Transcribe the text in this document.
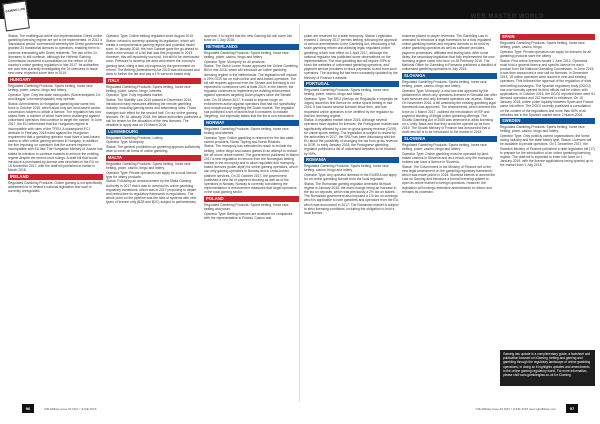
GAMING LAW
WEB MASTER WORLD

Status: The multilingual online slot implementation Greek online gambling licensing regime are yet to be implemented. In 2012 a 'transitional period' commenced whereby the Greek government granted 24 transitional licences to operators, enabling them to continue transacting with Greek residents. The law of the 24 licensees to still continue, although the Hellenic Gaming Commission launched a consultation on the reform of the country's online gaming regulation in late 2017. Its authorities are now now currently investigating the 24 licensees to issue new ones; expected some time in 2019.

HUNGARY

Regulated Gambling Products: Sports betting, horse race betting, poker, casino, bingo and lottery.

Operator Type: Only the state monopolies (Szerencsejáték Zrt. and Magyar Lóversenyfogadás) may operate.

Status: Amendments to Hungarian gambling law came into force in October 2015, which allow only two land-based casino concession holders to obtain a licence. The regulation has now raised fines, a number of which have been challenged against unlicensed operators that continue to target the market. In June 2017, the EU determined that the Hungarian regime is incompatible with rules of the TFEU. A subsequent ECJ decision in February 2018 ruled against the Hungarian requirement that a gambling operator must have a land-based casino to offer online gaming services in Hungary. In addition, the fine imposing on operators that the current regime is incompatible with EU law. The Hungarian Ministry of Justice has stated its intention to continue towards to enforce the existing regime despite the recent court rulings. A draft bill that would introduce a purchased-by-licence was circulated in the EU on 18 November 2017, with the draft bill published in earlier in March 2018.

IRELAND

Regulated Gambling Products: Online gaming is not specifically addressed for in Ireland's national legislation and such is currently unregulated.

Operator Type: Online betting regulated since August 2015.

Status: Ireland is currently updating its legislation, which will create a comprehensive gaming regime and potential model soon. In January 2016, the Irish Cabinet gave the go-ahead to draft a new version of a bill that was first proposed in 2013. However, this will reportedly soon put, but still to be overhauled soon. Pressure to develop the area and reform the country's gaming laws, citing a lack of progress by the government on reform. The Betting (Amendment) Act 2015 was introduced and aims to further the tax and pay a 1% turnover-based duty.

ITALY

Regulated Gambling Products: Sports betting, horse race betting, poker, casino, bingo, lotteries.

Operator Type: Fully regulated market.

Status: The Stability Law 2016 passed in December 2015, introduced many measures affecting the remote gambling industry, including gaming taxes and advertising rules. Those changes took effect for the second half. On our online gaming licences: On 18 January 2018, the Italian authorities published a call for tender for the allocation of the new licences. The deadline to apply was on 19 March 2018.

LUXEMBOURG

Regulated Gambling Products: Lottery.

Operator Type: Monopoly.

Status: The general prohibition on gambling appears sufficiently wide to cover all forms of online gambling.

MALTA

Regulated Gambling Products: Sports betting, horse race betting, poker, casino, bingo and lottery.

Operator Type: Private operators can apply for a local licence type for lottery products.

Status: Following an announcement by the Malta Gaming Authority in 2017 that it was to overhaul its online gambling regulatory framework, which was in 2017 proposing to depart and restructure its regulatory framework in regulations. The whole point on the pipeline was the idea of systems with new types of licence only (B2B and B2C) subject to parliamentary

approval, it is hoped that the new Gaming Act will come into force on 1 July 2018.

NETHERLANDS

Regulated Gambling Products: Sports betting, horse race betting, poker, casino, bingo and lottery.

Operator Type: Monopoly for all products.

Status: The Dutch Lower House approved the Online Gambling Bill in mid 2016, which will introduce an online gambling licensing regime in the Netherlands. The legislation will impose a 29% GGR tax on both online and land-based operators. The bill still requires approval from the Senate and licensing is not expected to commence until at least 2019. In the interim, the regulator continues to implement pre-existing enforcement against operators targeting Dutch players since the Senate vote. On 15 March 2017, it would to impose tough on enforcement action against operators that had not 'specifically and conspicuously' targeting the Dutch market. The regulator has published a set of factors that it considers to indicate 'targeting', but expressly states that the list is non-exhaustive.

NORWAY

Regulated Gambling Products: Sports betting, horse race betting and lotteries.

Operator Type: Online gambling is reserved for the two state-owned providers, Norsk Tipping and Norsk Rikstoto.

Status: The monopoly has extended its reach to include the betting, online bingo and casino games in an attempt to reduce the off-shore online market. The government published in March 2017 a new regulation to remove from the Norwegian betting market in the monopoly and to allow regulated and monopoly-based licences (poker-style) for online gaming operators, which can only gaming operators in Norway and in cross-border platform services. On 20 October 2017, the government published a new list of payment blocking as well as of the operators in Norway. Norway is currently considering the implementation of enforcement measures that target operators in the local gaming sector.

POLAND

Regulated Gambling Products: Sports betting, horse race betting and poker.

Operator Type: Betting licences are available for companies with the representative in Poland. Casino and

poker are reserved for a state monopoly. Status: Legislation enacted 1 January 2017 permits betting, following the approval of various amendments to the Gambling Act, introducing a full-scale gambling reform and allowing legal, regulated online gambling, which took effect on 1 April 2017, although the national regulator has published some observations on the implementation. The new gambling law will require ISPs to block the websites of unlicensed gambling operators, and payment service providers to block payments to and from such operators. The blocking list has been constantly updated by the Ministry of Finance's website.

PORTUGAL

Regulated Gambling Products: Sports betting, horse race betting, poker, casino, bingo and lottery.

Operator Type: The SRIJ (Serviço de Regulação e Inspeção de Jogos) issued its first licence for online sports betting in mid 2016. It has issued several licences since then, and has requested online operators to be certified by the regulator so that the licensing regime.

Status: A regulated market since 2015. Although several operators have applied for licences, the Portuguese market was significantly affected by a tax on gross gaming revenue (GGR) for online sports betting. The legislation is subject to review by the authorities in 2017, the SRIJ has been discussing with the EU about the possibility of changing the tax from gross revenue to GGR. In early January 2018, the Portuguese gambling regulator published a list of unlicensed websites to be blocked by ISPs.

ROMANIA

Regulated Gambling Products: Sports betting, horse race betting, casino, bingo and lottery.

Operator Type: Any operator licensed in the EU/EEA can apply for an online gambling licence from the local regulator.

Status: The Romanian gaming regulator amended its fiscal regime in January 2018, the main change being an increase in the tax on deposits, which was previously a 2% tax on stakes. The Romanian government also imposed a 1% tax on winnings, which is applicable to both gamblers and operators from the EU, which was announced in 2017. The Romanian market is subject to strict licensing conditions, including the obligation to hold a local licence.

business placed to player revenues. The Gambling Law is amended to introduce a legal framework for a fully regulated online gambling market and requires licences to be held by online gambling operators as well as software providers, payment processors, affiliates and testing labs. After some delay, the secondary legislation that fully implemented the new licensing regime came into force on 28 February 2016. The National Office for Gambling in Romania published a blacklist of unlicensed gambling operators in July 2015.

SLOVAKIA

Regulated Gambling Products: Sports betting, horse race betting, poker, casino, bingo and lottery.

Operator Type: Monopoly; a new law was approved by the parliament in which only operators licensed in Slovakia can offer such services and only licensed operators can access. Status: On November 2016, a bill amending the existing gambling legal framework was approved. The amendments, which entered into force on 1 March 2017, outlined the introduction of ISP and payment blocking of illegal online gambling offerings. The Slovak Gambling Act of 2005 was amended to allow licensing on a 'unity' basis and that they would be opened up as from 2019. The Slovak Ministry of Finance has announced that a draft new bill is to be introduced to the market in 2018.

SLOVENIA

Regulated Gambling Products: Sports betting, horse race betting, poker, casino, bingo and lottery.

Operator Type: Online gambling must be operated by land-based casinos in Slovenia and as a result, only the monopoly holders can have a licence in Slovenia.

Status: The Government in the Ministry of Finance set to the new legal amendment on the gambling regulatory framework, which was made public in 2018. Slovenia intends to amend the Law on Gaming and introduce a formal licensing system to open its online market to foreign operators. However, the legislation will undergo extensive amendments to reform and remains its uncertain.

SPAIN

Regulated Gambling Products: Sports betting, horse race betting, poker, casino, bingo.

Operator Type: Private operators can apply for licences for all gambling products save the lottery.

Status: First online licences issued 1 June 2012. Operators must hold a general licence and specific licence for each product from the National Gambling Commission. In June 2015, it was then announced a new call for licences. In December 2015, 15 online operators were issued in new and existing operators. This followed the approval of the regulation of slots and betting exchanges. The Spanish regulatory body (DGOJ) has now formally opened its third official call for online; with applications. In October 2016, the DGOJ reported there were 51 licensed operators and 242 licences in existence. On 16 January 2018, online poker liquidity between Spain and France came into effect. The DGOJ recently published a consultation on the content of the regulations and more than 80% of all websites are in the Spanish market since 2 March 2018.

SWEDEN

Regulated Gambling Products: Sports betting, horse race betting, poker, casino, bingo and lottery.

Operator Type: Only publicly owned organisations; the horse racing industry and the state lottery type. Status: Licences will be available to private operators. On 1 December 2017, the Swedish Ministry of Finance published a draft legislation bill (17) to prepare for the introduction of an online gambling licensing regime. The draft bill is expected to enter into force on 1 January 2019, with the licence applications being opened up to the market from 1 July 2018.

Gaming law update is a complimentary guide, a factsheet and publication focused on iGaming, betting and gaming and gambling through the regulatory landscape of online gambling operations; in doing so it highlights updates and amendments in the online gaming regulatory world. For more information, please visit www.gamblinglaw.co.uk for iGaming.
96	97
iGB Affiliate issue 64 MAY / JUNE 2018	iGB Affiliate issue 64 MAY / JUNE 2018 www.igbaffiliate.com
